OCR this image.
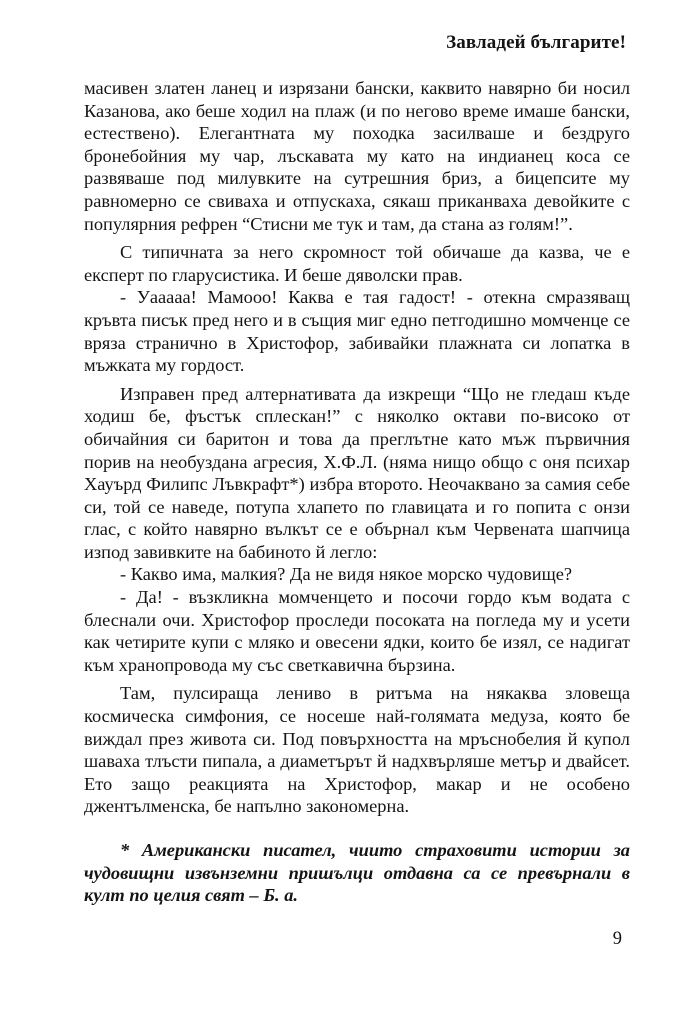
Завладей българите!

масивен златен ланец и изрязани бански, каквито навярно би носил Казанова, ако беше ходил на плаж (и по негово време имаше бански, естествено). Елегантната му походка засилваше и бездруго бронебойния му чар, лъскавата му като на индианец коса се развяваше под милувките на сутрешния бриз, а бицепсите му равномерно се свиваха и отпускаха, сякаш приканваха девойките с популярния рефрен “Стисни ме тук и там, да стана аз голям!”.

С типичната за него скромност той обичаше да казва, че е експерт по гларусистика. И беше дяволски прав.

- Уааааа! Мамооо! Каква е тая гадост! - отекна смразяващ кръвта писък пред него и в същия миг едно петгодишно момченце се вряза странично в Христофор, забивайки плажната си лопатка в мъжката му гордост.

Изправен пред алтернативата да изкрещи “Що не гледаш къде ходиш бе, фъстък сплескан!” с няколко октави по-високо от обичайния си баритон и това да преглътне като мъж първичния порив на необуздана агресия, Х.Ф.Л. (няма нищо общо с оня психар Хауърд Филипс Лъвкрафт*) избра второто. Неочаквано за самия себе си, той се наведе, потупа хлапето по главицата и го попита с онзи глас, с който навярно вълкът се е обърнал към Червената шапчица изпод завивките на бабиното й легло:

- Какво има, малкия? Да не видя някое морско чудовище?

- Да! - възкликна момченцето и посочи гордо към водата с блеснали очи. Христофор проследи посоката на погледа му и усети как четирите купи с мляко и овесени ядки, които бе изял, се надигат към хранопровода му със светкавична бързина.

Там, пулсираща лениво в ритъма на някаква зловеща космическа симфония, се носеше най-голямата медуза, която бе виждал през живота си. Под повърхността на мръснобелия й купол шаваха тлъсти пипала, а диаметърът й надхвърляше метър и двайсет. Ето защо реакцията на Христофор, макар и не особено джентълменска, бе напълно закономерна.

* Американски писател, чиито страховити истории за чудовищни извънземни пришълци отдавна са се превърнали в култ по целия свят – Б. а.
9
